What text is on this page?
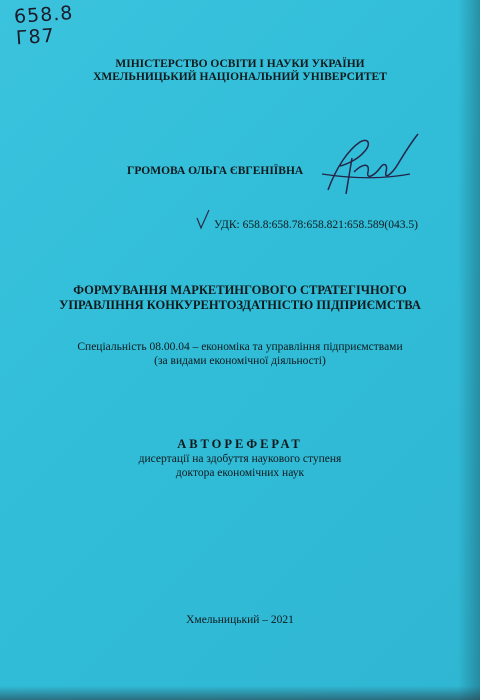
658.8
Г87
МІНІСТЕРСТВО ОСВІТИ І НАУКИ УКРАЇНИ
ХМЕЛЬНИЦЬКИЙ НАЦІОНАЛЬНИЙ УНІВЕРСИТЕТ
ГРОМОВА ОЛЬГА ЄВГЕНІЇВНА
УДК: 658.8:658.78:658.821:658.589(043.5)
ФОРМУВАННЯ МАРКЕТИНГОВОГО СТРАТЕГІЧНОГО
УПРАВЛІННЯ КОНКУРЕНТОЗДАТНІСТЮ ПІДПРИЄМСТВА
Спеціальність 08.00.04 – економіка та управління підприємствами
(за видами економічної діяльності)
АВТОРЕФЕРАТ
дисертації на здобуття наукового ступеня
доктора економічних наук
Хмельницький – 2021
